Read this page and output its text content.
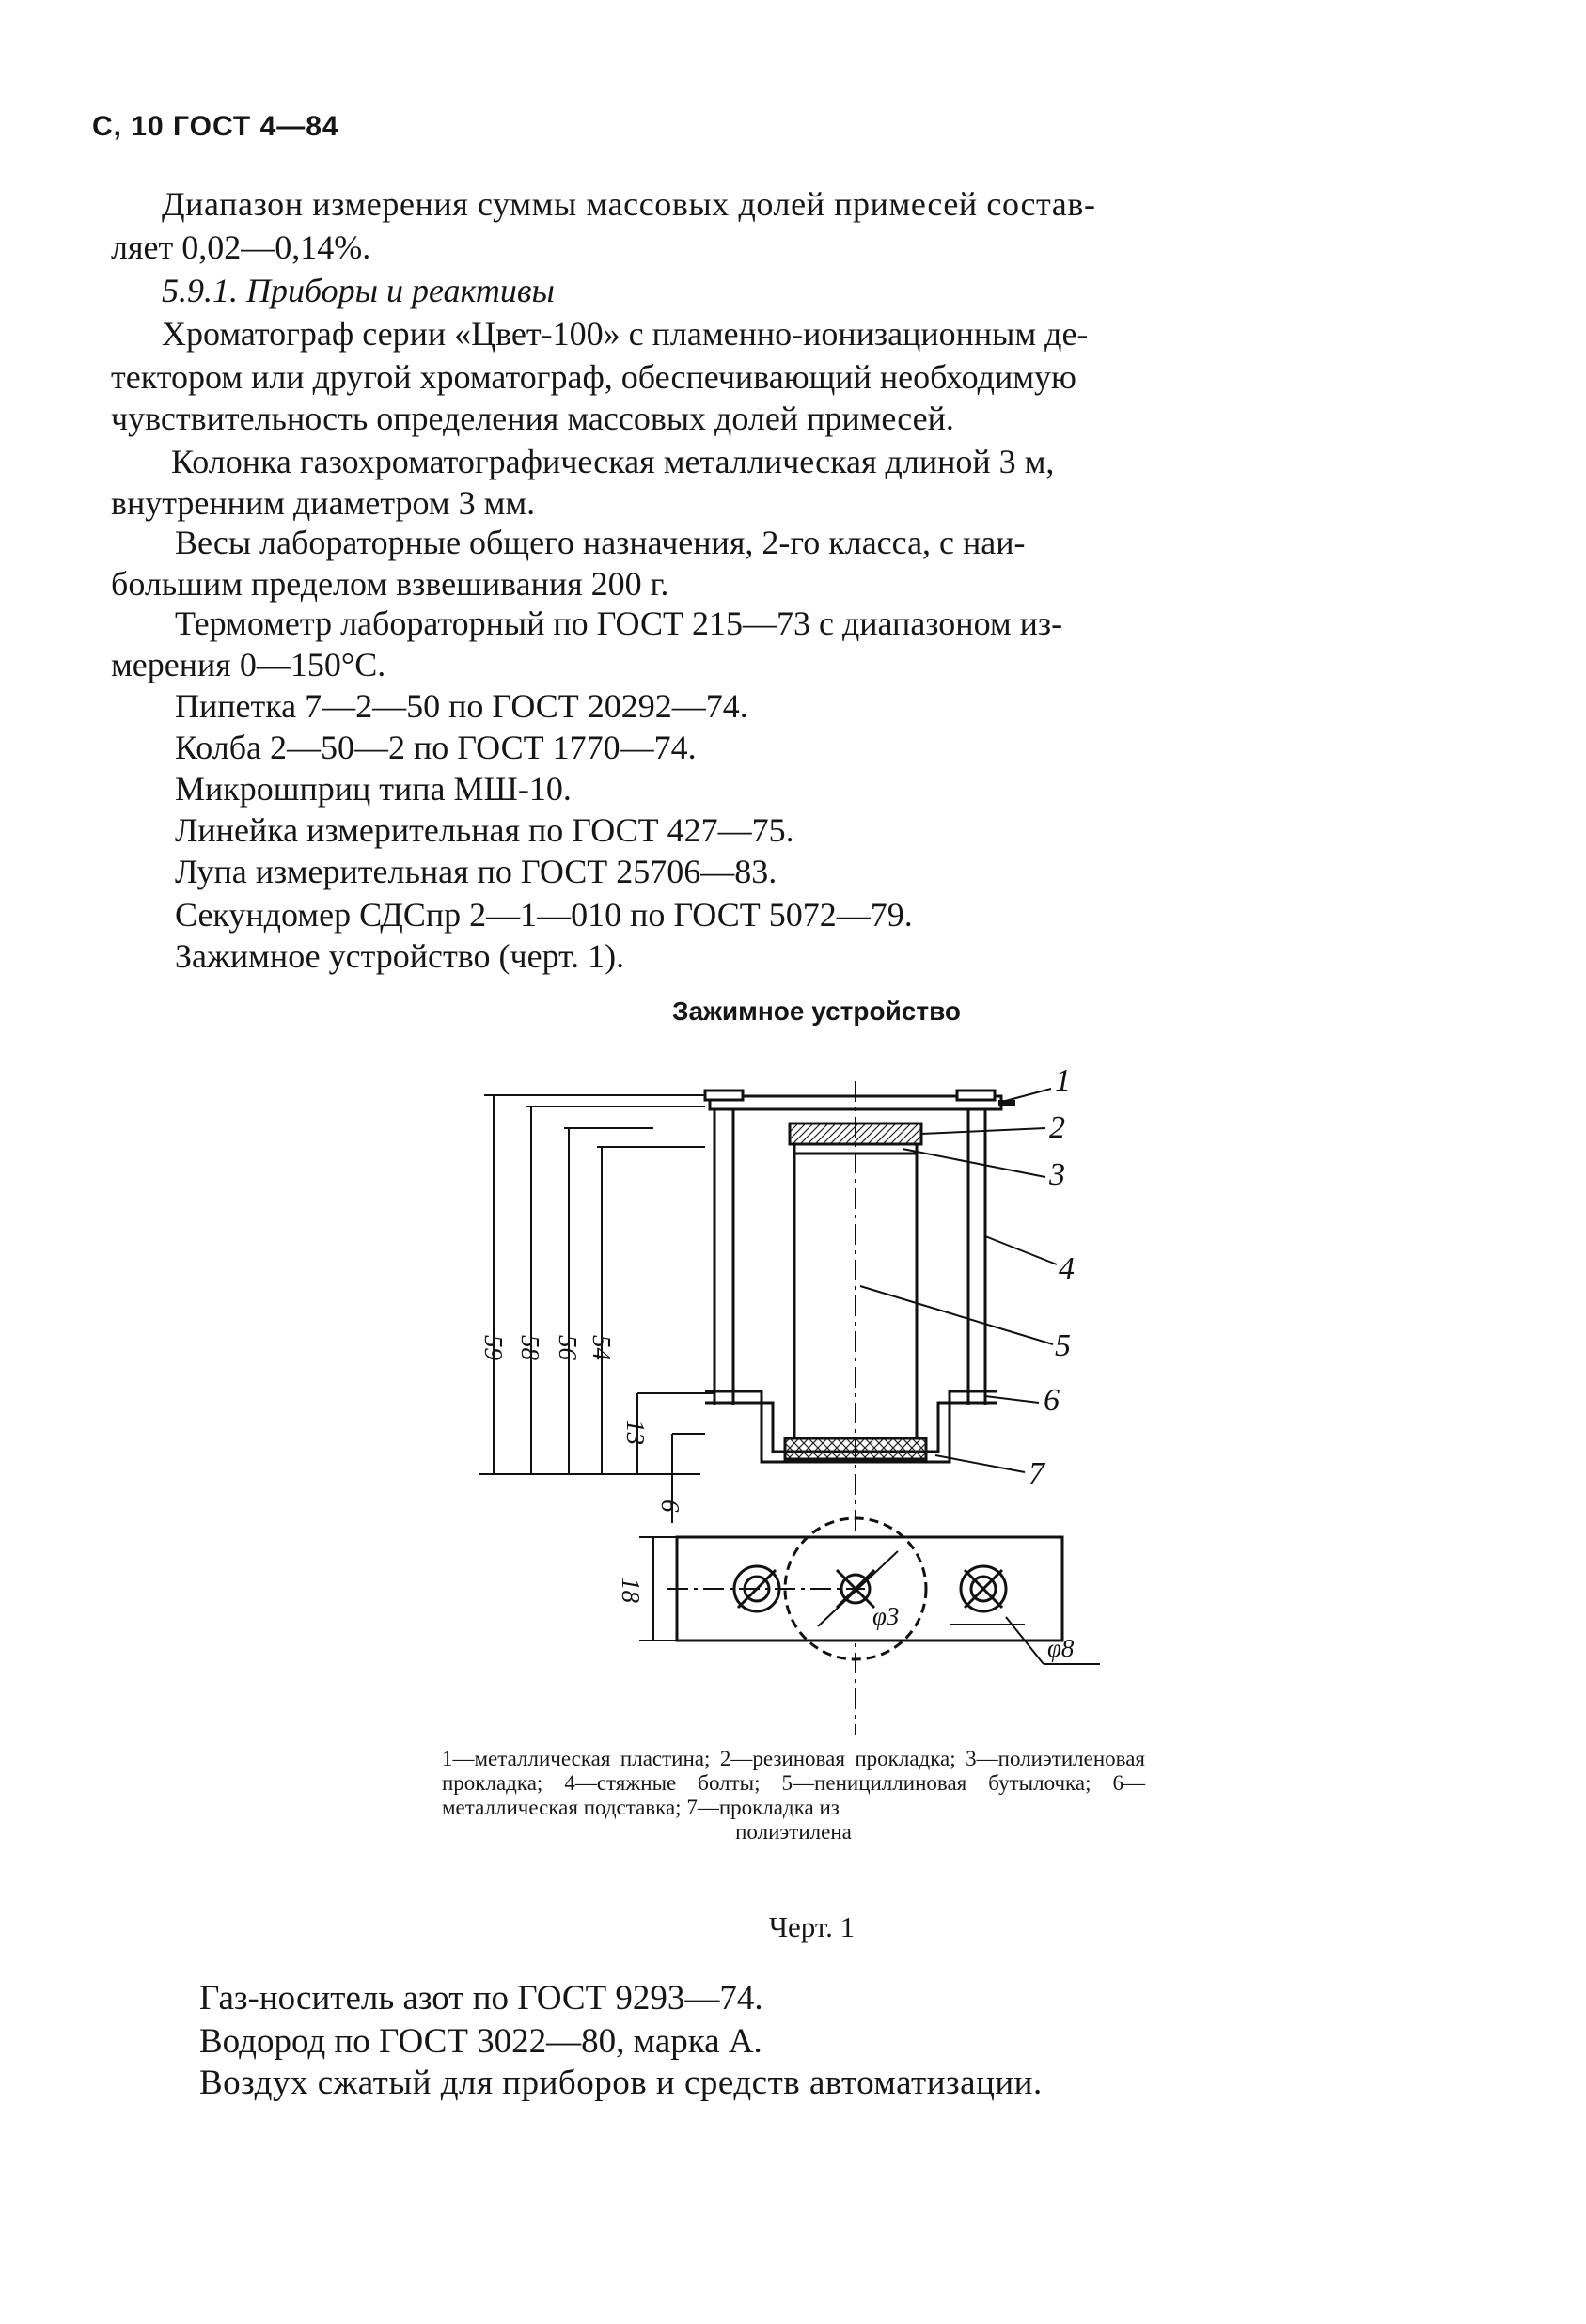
С, 10 ГОСТ 4—84
Диапазон измерения суммы массовых долей примесей состав-
ляет 0,02—0,14%.
5.9.1. Приборы и реактивы
Хроматограф серии «Цвет-100» с пламенно-ионизационным де-
тектором или другой хроматограф, обеспечивающий необходимую
чувствительность определения массовых долей примесей.
Колонка газохроматографическая металлическая длиной 3 м,
внутренним диаметром 3 мм.
Весы лабораторные общего назначения, 2-го класса, с наи-
большим пределом взвешивания 200 г.
Термометр лабораторный по ГОСТ 215—73 с диапазоном из-
мерения 0—150°С.
Пипетка 7—2—50 по ГОСТ 20292—74.
Колба 2—50—2 по ГОСТ 1770—74.
Микрошприц типа МШ-10.
Линейка измерительная по ГОСТ 427—75.
Лупа измерительная по ГОСТ 25706—83.
Секундомер СДСпр 2—1—010 по ГОСТ 5072—79.
Зажимное устройство (черт. 1).
Зажимное устройство
1
2
3
4
5
6
7
59 58 56 54
13
6
18
φ3
φ8
1—металлическая пластина; 2—резиновая прокладка; 3—полиэтиленовая прокладка; 4—стяжные болты; 5—пенициллиновая бутылочка; 6—металлическая подставка; 7—прокладка из
полиэтилена
Черт. 1
Газ-носитель азот по ГОСТ 9293—74.
Водород по ГОСТ 3022—80, марка А.
Воздух сжатый для приборов и средств автоматизации.
